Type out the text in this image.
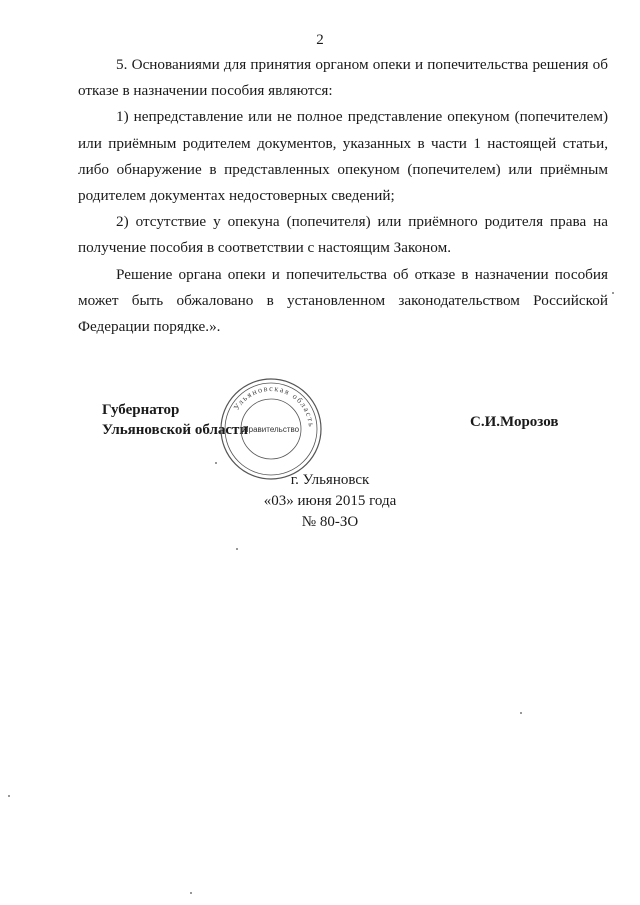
2

5. Основаниями для принятия органом опеки и попечительства решения об отказе в назначении пособия являются:

1) непредставление или не полное представление опекуном (попечителем) или приёмным родителем документов, указанных в части 1 настоящей статьи, либо обнаружение в представленных опекуном (попечителем) или приёмным родителем документах недостоверных сведений;

2) отсутствие у опекуна (попечителя) или приёмного родителя права на получение пособия в соответствии с настоящим Законом.

Решение органа опеки и попечительства об отказе в назначении пособия может быть обжаловано в установленном законодательством Российской Федерации порядке.».

Губернатор
Ульяновской области
Ульяновская область
Правительство	С.И.Морозов
г. Ульяновск
«03» июня 2015 года
№ 80-ЗО
